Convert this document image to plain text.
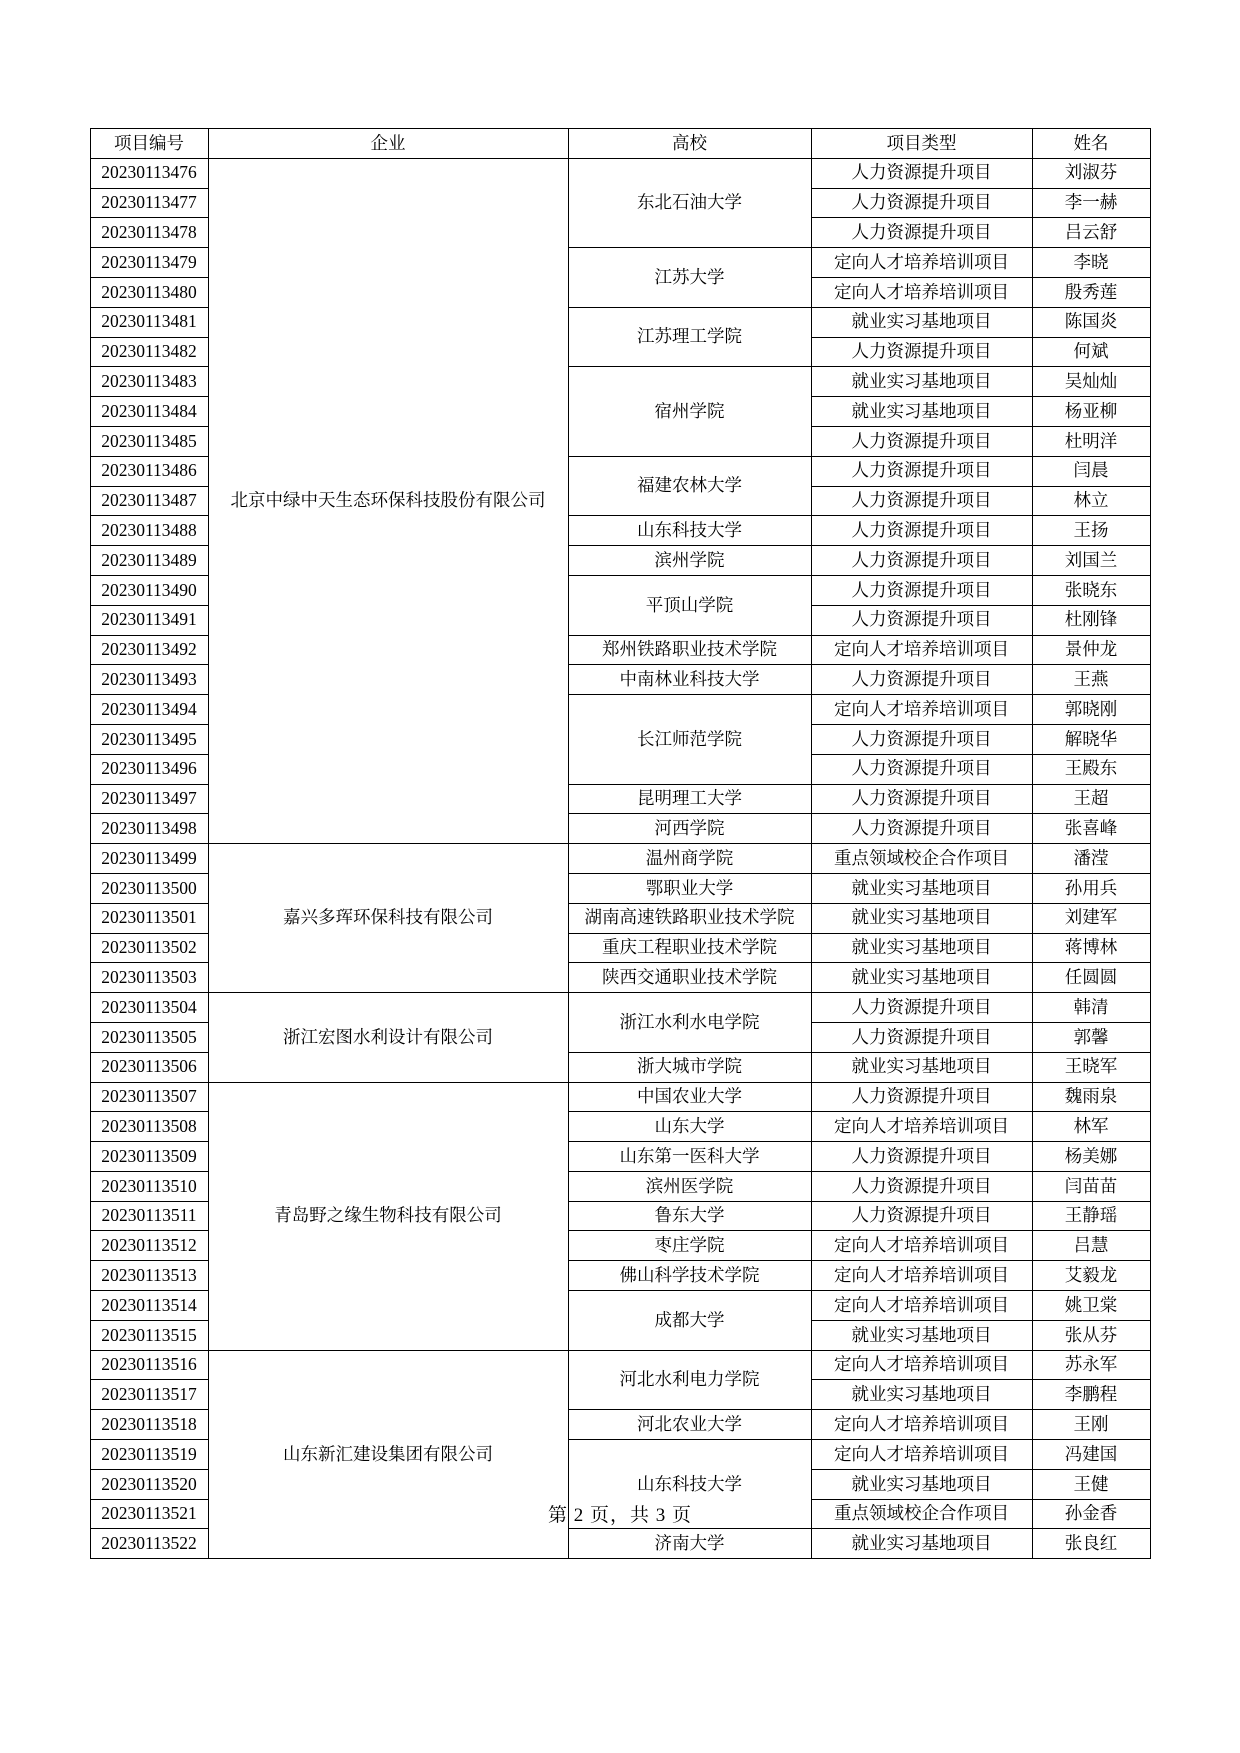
项目编号	企业	高校	项目类型	姓名
20230113476	北京中绿中天生态环保科技股份有限公司	东北石油大学	人力资源提升项目	刘淑芬
20230113477			人力资源提升项目	李一赫
20230113478			人力资源提升项目	吕云舒
20230113479		江苏大学	定向人才培养培训项目	李晓
20230113480			定向人才培养培训项目	殷秀莲
20230113481		江苏理工学院	就业实习基地项目	陈国炎
20230113482			人力资源提升项目	何斌
20230113483		宿州学院	就业实习基地项目	吴灿灿
20230113484			就业实习基地项目	杨亚柳
20230113485			人力资源提升项目	杜明洋
20230113486		福建农林大学	人力资源提升项目	闫晨
20230113487			人力资源提升项目	林立
20230113488		山东科技大学	人力资源提升项目	王扬
20230113489		滨州学院	人力资源提升项目	刘国兰
20230113490		平顶山学院	人力资源提升项目	张晓东
20230113491			人力资源提升项目	杜刚锋
20230113492		郑州铁路职业技术学院	定向人才培养培训项目	景仲龙
20230113493		中南林业科技大学	人力资源提升项目	王燕
20230113494		长江师范学院	定向人才培养培训项目	郭晓刚
20230113495			人力资源提升项目	解晓华
20230113496			人力资源提升项目	王殿东
20230113497		昆明理工大学	人力资源提升项目	王超
20230113498		河西学院	人力资源提升项目	张喜峰
20230113499	嘉兴多珲环保科技有限公司	温州商学院	重点领域校企合作项目	潘滢
20230113500		鄂职业大学	就业实习基地项目	孙用兵
20230113501		湖南高速铁路职业技术学院	就业实习基地项目	刘建军
20230113502		重庆工程职业技术学院	就业实习基地项目	蒋博林
20230113503		陕西交通职业技术学院	就业实习基地项目	任圆圆
20230113504	浙江宏图水利设计有限公司	浙江水利水电学院	人力资源提升项目	韩清
20230113505			人力资源提升项目	郭馨
20230113506		浙大城市学院	就业实习基地项目	王晓军
20230113507	青岛野之缘生物科技有限公司	中国农业大学	人力资源提升项目	魏雨泉
20230113508		山东大学	定向人才培养培训项目	林军
20230113509		山东第一医科大学	人力资源提升项目	杨美娜
20230113510		滨州医学院	人力资源提升项目	闫苗苗
20230113511		鲁东大学	人力资源提升项目	王静瑶
20230113512		枣庄学院	定向人才培养培训项目	吕慧
20230113513		佛山科学技术学院	定向人才培养培训项目	艾毅龙
20230113514		成都大学	定向人才培养培训项目	姚卫棠
20230113515			就业实习基地项目	张从芬
20230113516	山东新汇建设集团有限公司	河北水利电力学院	定向人才培养培训项目	苏永军
20230113517			就业实习基地项目	李鹏程
20230113518		河北农业大学	定向人才培养培训项目	王刚
20230113519		山东科技大学	定向人才培养培训项目	冯建国
20230113520			就业实习基地项目	王健
20230113521			重点领域校企合作项目	孙金香
20230113522		济南大学	就业实习基地项目	张良红
第 2 页，共 3 页
